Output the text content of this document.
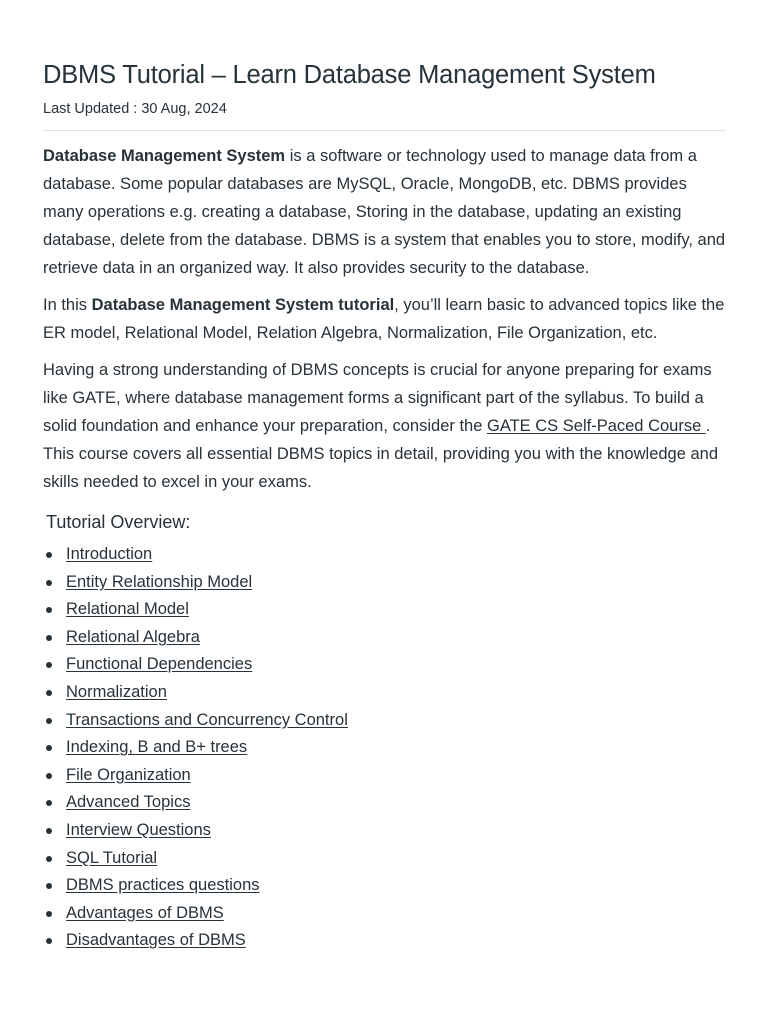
DBMS Tutorial – Learn Database Management System
Last Updated : 30 Aug, 2024

Database Management System is a software or technology used to manage data from a database. Some popular databases are MySQL, Oracle, MongoDB, etc. DBMS provides many operations e.g. creating a database, Storing in the database, updating an existing database, delete from the database. DBMS is a system that enables you to store, modify, and retrieve data in an organized way. It also provides security to the database.

In this Database Management System tutorial, you’ll learn basic to advanced topics like the ER model, Relational Model, Relation Algebra, Normalization, File Organization, etc.

Having a strong understanding of DBMS concepts is crucial for anyone preparing for exams like GATE, where database management forms a significant part of the syllabus. To build a solid foundation and enhance your preparation, consider the GATE CS Self-Paced Course . This course covers all essential DBMS topics in detail, providing you with the knowledge and skills needed to excel in your exams.

Tutorial Overview:
Introduction
Entity Relationship Model
Relational Model
Relational Algebra
Functional Dependencies
Normalization
Transactions and Concurrency Control
Indexing, B and B+ trees
File Organization
Advanced Topics
Interview Questions
SQL Tutorial
DBMS practices questions
Advantages of DBMS
Disadvantages of DBMS
